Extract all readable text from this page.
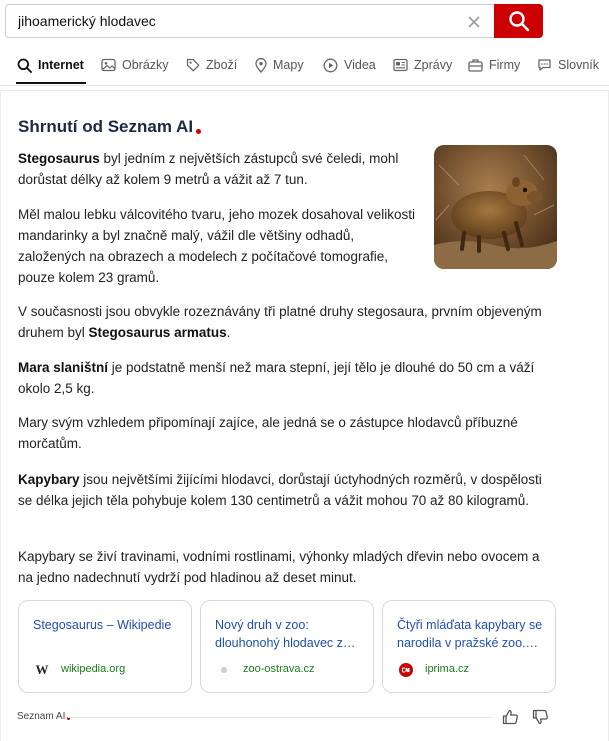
jihoamerický hlodavec
Internet	Obrázky	Zboží	Mapy	Videa	Zprávy	Firmy	Slovník
Shrnutí od Seznam AI
Stegosaurus byl jedním z největších zástupců své čeledi, mohl dorůstat délky až kolem 9 metrů a vážit až 7 tun.
Měl malou lebku válcovitého tvaru, jeho mozek dosahoval velikosti mandarinky a byl značně malý, vážil dle většiny odhadů, založených na obrazech a modelech z počítačové tomografie, pouze kolem 23 gramů.
V současnosti jsou obvykle rozeznávány tři platné druhy stegosaura, prvním objeveným druhem byl Stegosaurus armatus.
Mara slaništní je podstatně menší než mara stepní, její tělo je dlouhé do 50 cm a váží okolo 2,5 kg.
Mary svým vzhledem připomínají zajíce, ale jedná se o zástupce hlodavců příbuzné morčatům.
Kapybary jsou největšími žijícími hlodavci, dorůstají úctyhodných rozměrů, v dospělosti se délka jejich těla pohybuje kolem 130 centimetrů a vážit mohou 70 až 80 kilogramů.
Kapybary se živí travinami, vodními rostlinami, výhonky mladých dřevin nebo ovocem a na jedno nadechnutí vydrží pod hladinou až deset minut.
Stegosaurus – Wikipedie
W wikipedia.org
Nový druh v zoo: dlouhonohý hlodavec z…
zoo-ostrava.cz
Čtyři mláďata kapybary se narodila v pražské zoo.…
iprima.cz
Seznam AI
